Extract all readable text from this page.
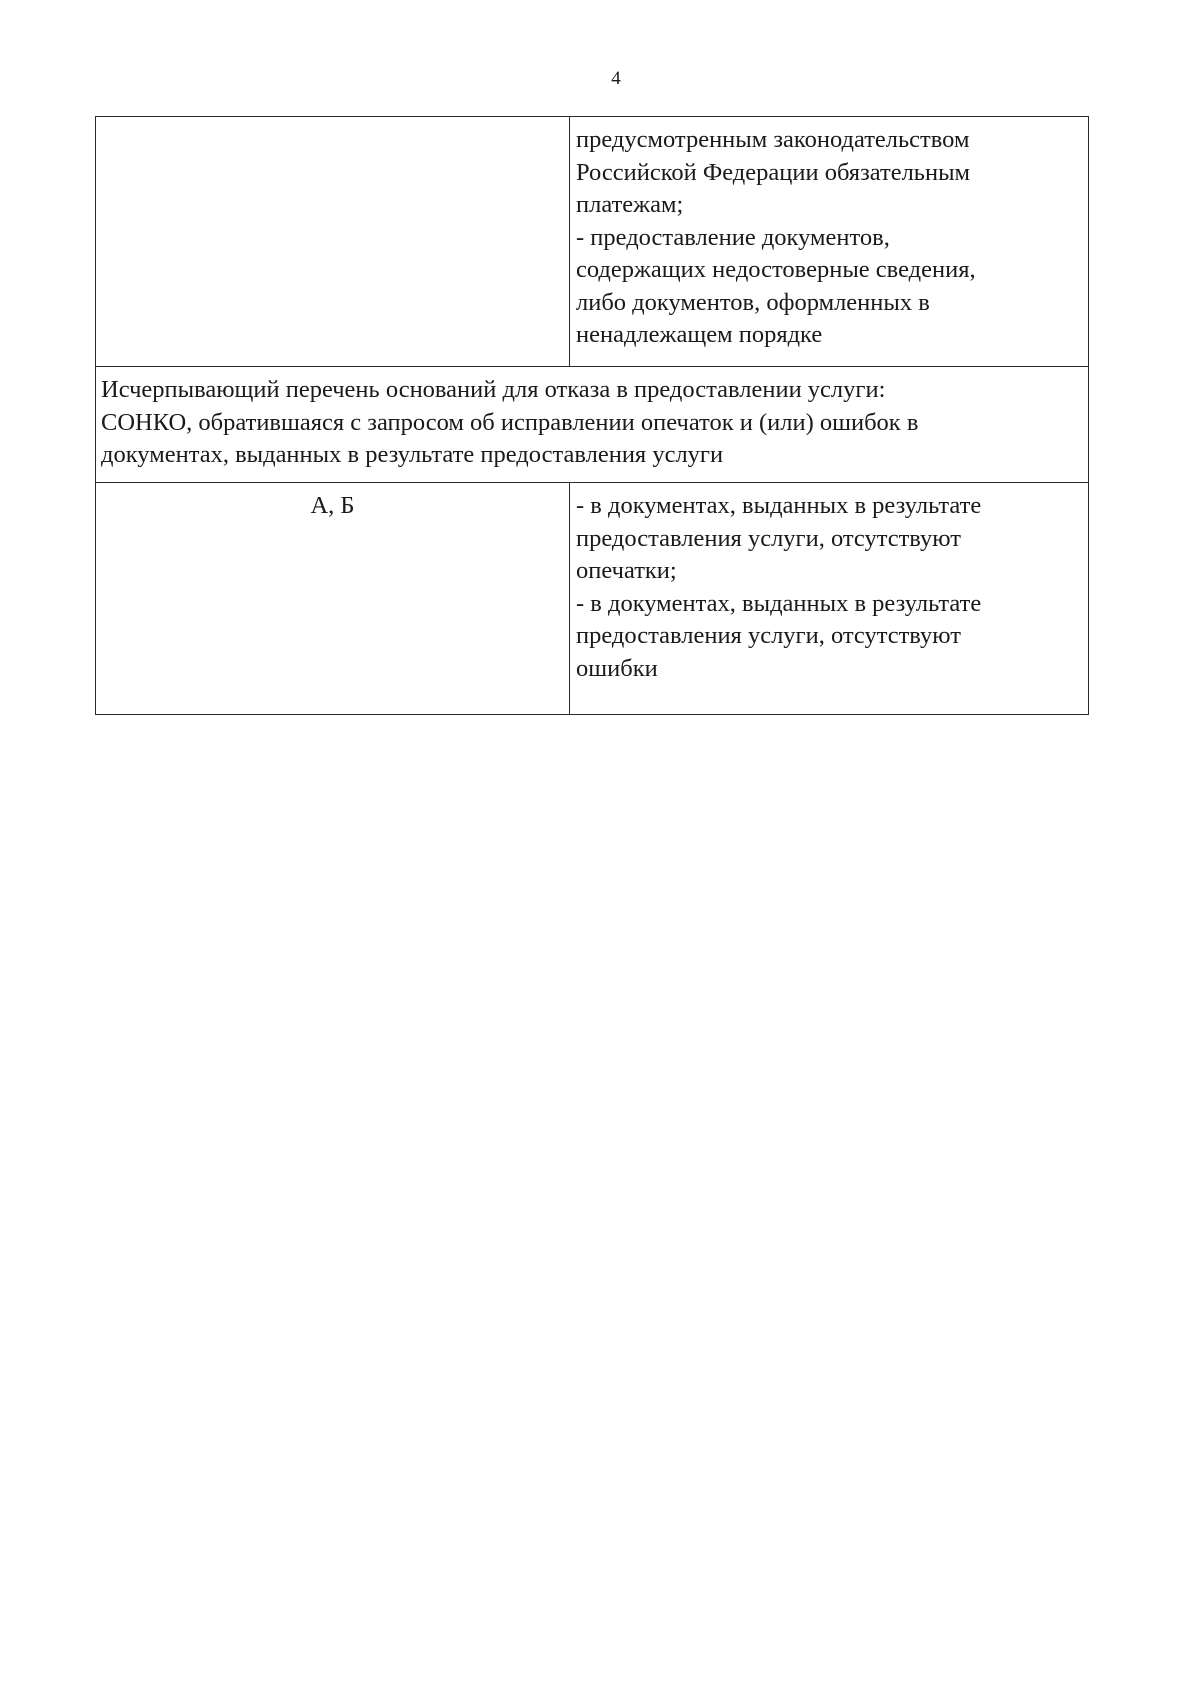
4
предусмотренным законодательством
Российской Федерации обязательным
платежам;
- предоставление документов,
содержащих недостоверные сведения,
либо документов, оформленных в
ненадлежащем порядке
Исчерпывающий перечень оснований для отказа в предоставлении услуги:
СОНКО, обратившаяся с запросом об исправлении опечаток и (или) ошибок в
документах, выданных в результате предоставления услуги
А, Б	- в документах, выданных в результате
предоставления услуги, отсутствуют
опечатки;
- в документах, выданных в результате
предоставления услуги, отсутствуют
ошибки
